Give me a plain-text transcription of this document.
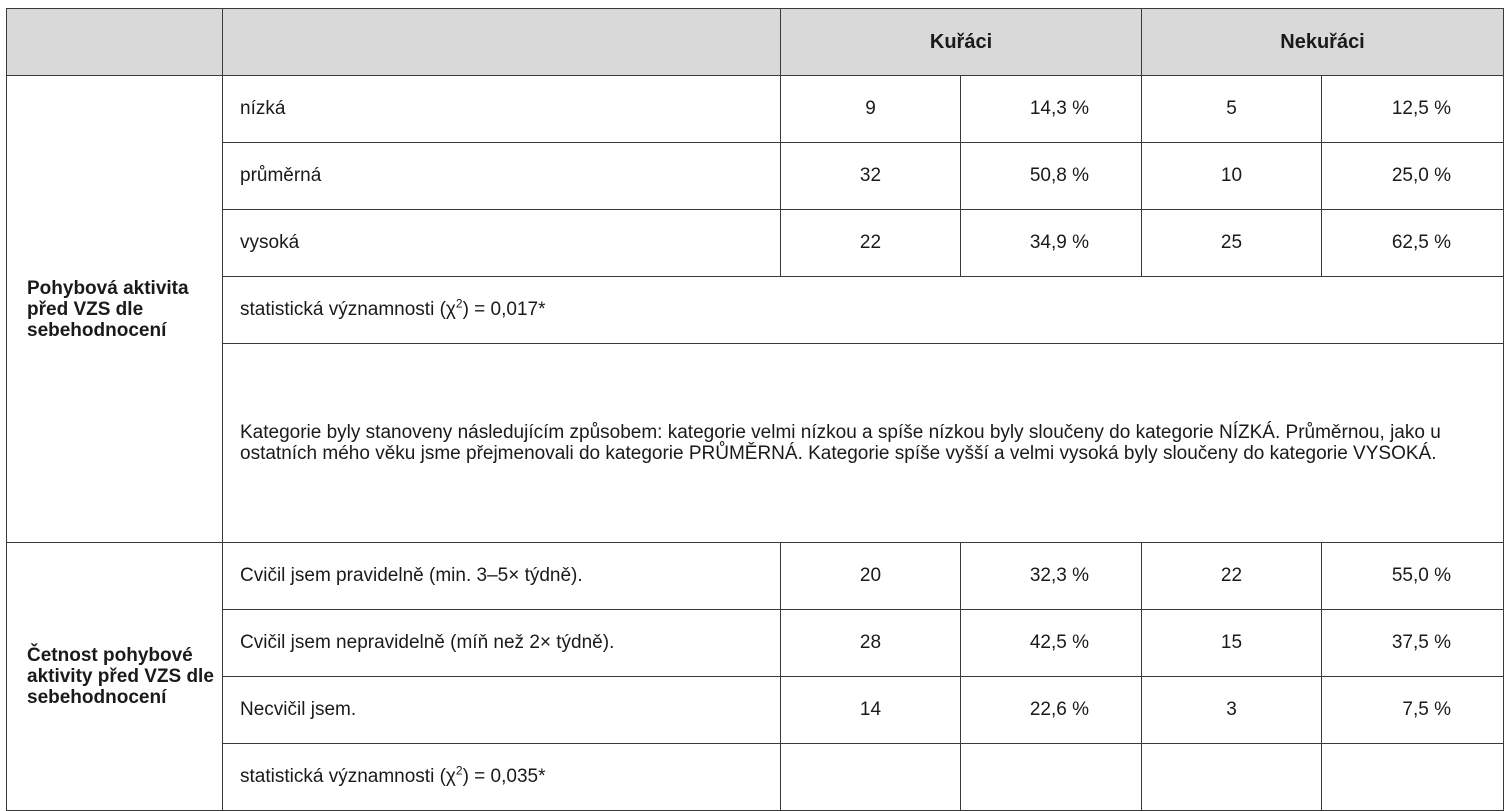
		Kuřáci		Nekuřáci	
Pohybová aktivita před VZS dle sebehodnocení	nízká	9	14,3 %	5	12,5 %
	průměrná	32	50,8 %	10	25,0 %
	vysoká	22	34,9 %	25	62,5 %
	statistická významnosti $(\chi^2) = 0,017*$				
	Kategorie byly stanoveny následujícím způsobem: kategorie velmi nízkou a spíše nízkou byly sloučeny do kategorie NÍZKÁ. Průměrnou, jako u ostatních mého věku jsme přejmenovali do kategorie PRŮMĚRNÁ. Kategorie spíše vyšší a velmi vysoká byly sloučeny do kategorie VYSOKÁ.				
Četnost pohybové aktivity před VZS dle sebehodnocení	Cvičil jsem pravidelně (min. 3–5× týdně).	20	32,3 %	22	55,0 %
	Cvičil jsem nepravidelně (míň než 2× týdně).	28	42,5 %	15	37,5 %
	Necvičil jsem.	14	22,6 %	3	7,5 %
	statistická významnosti $(\chi^2) = 0,035*$				
